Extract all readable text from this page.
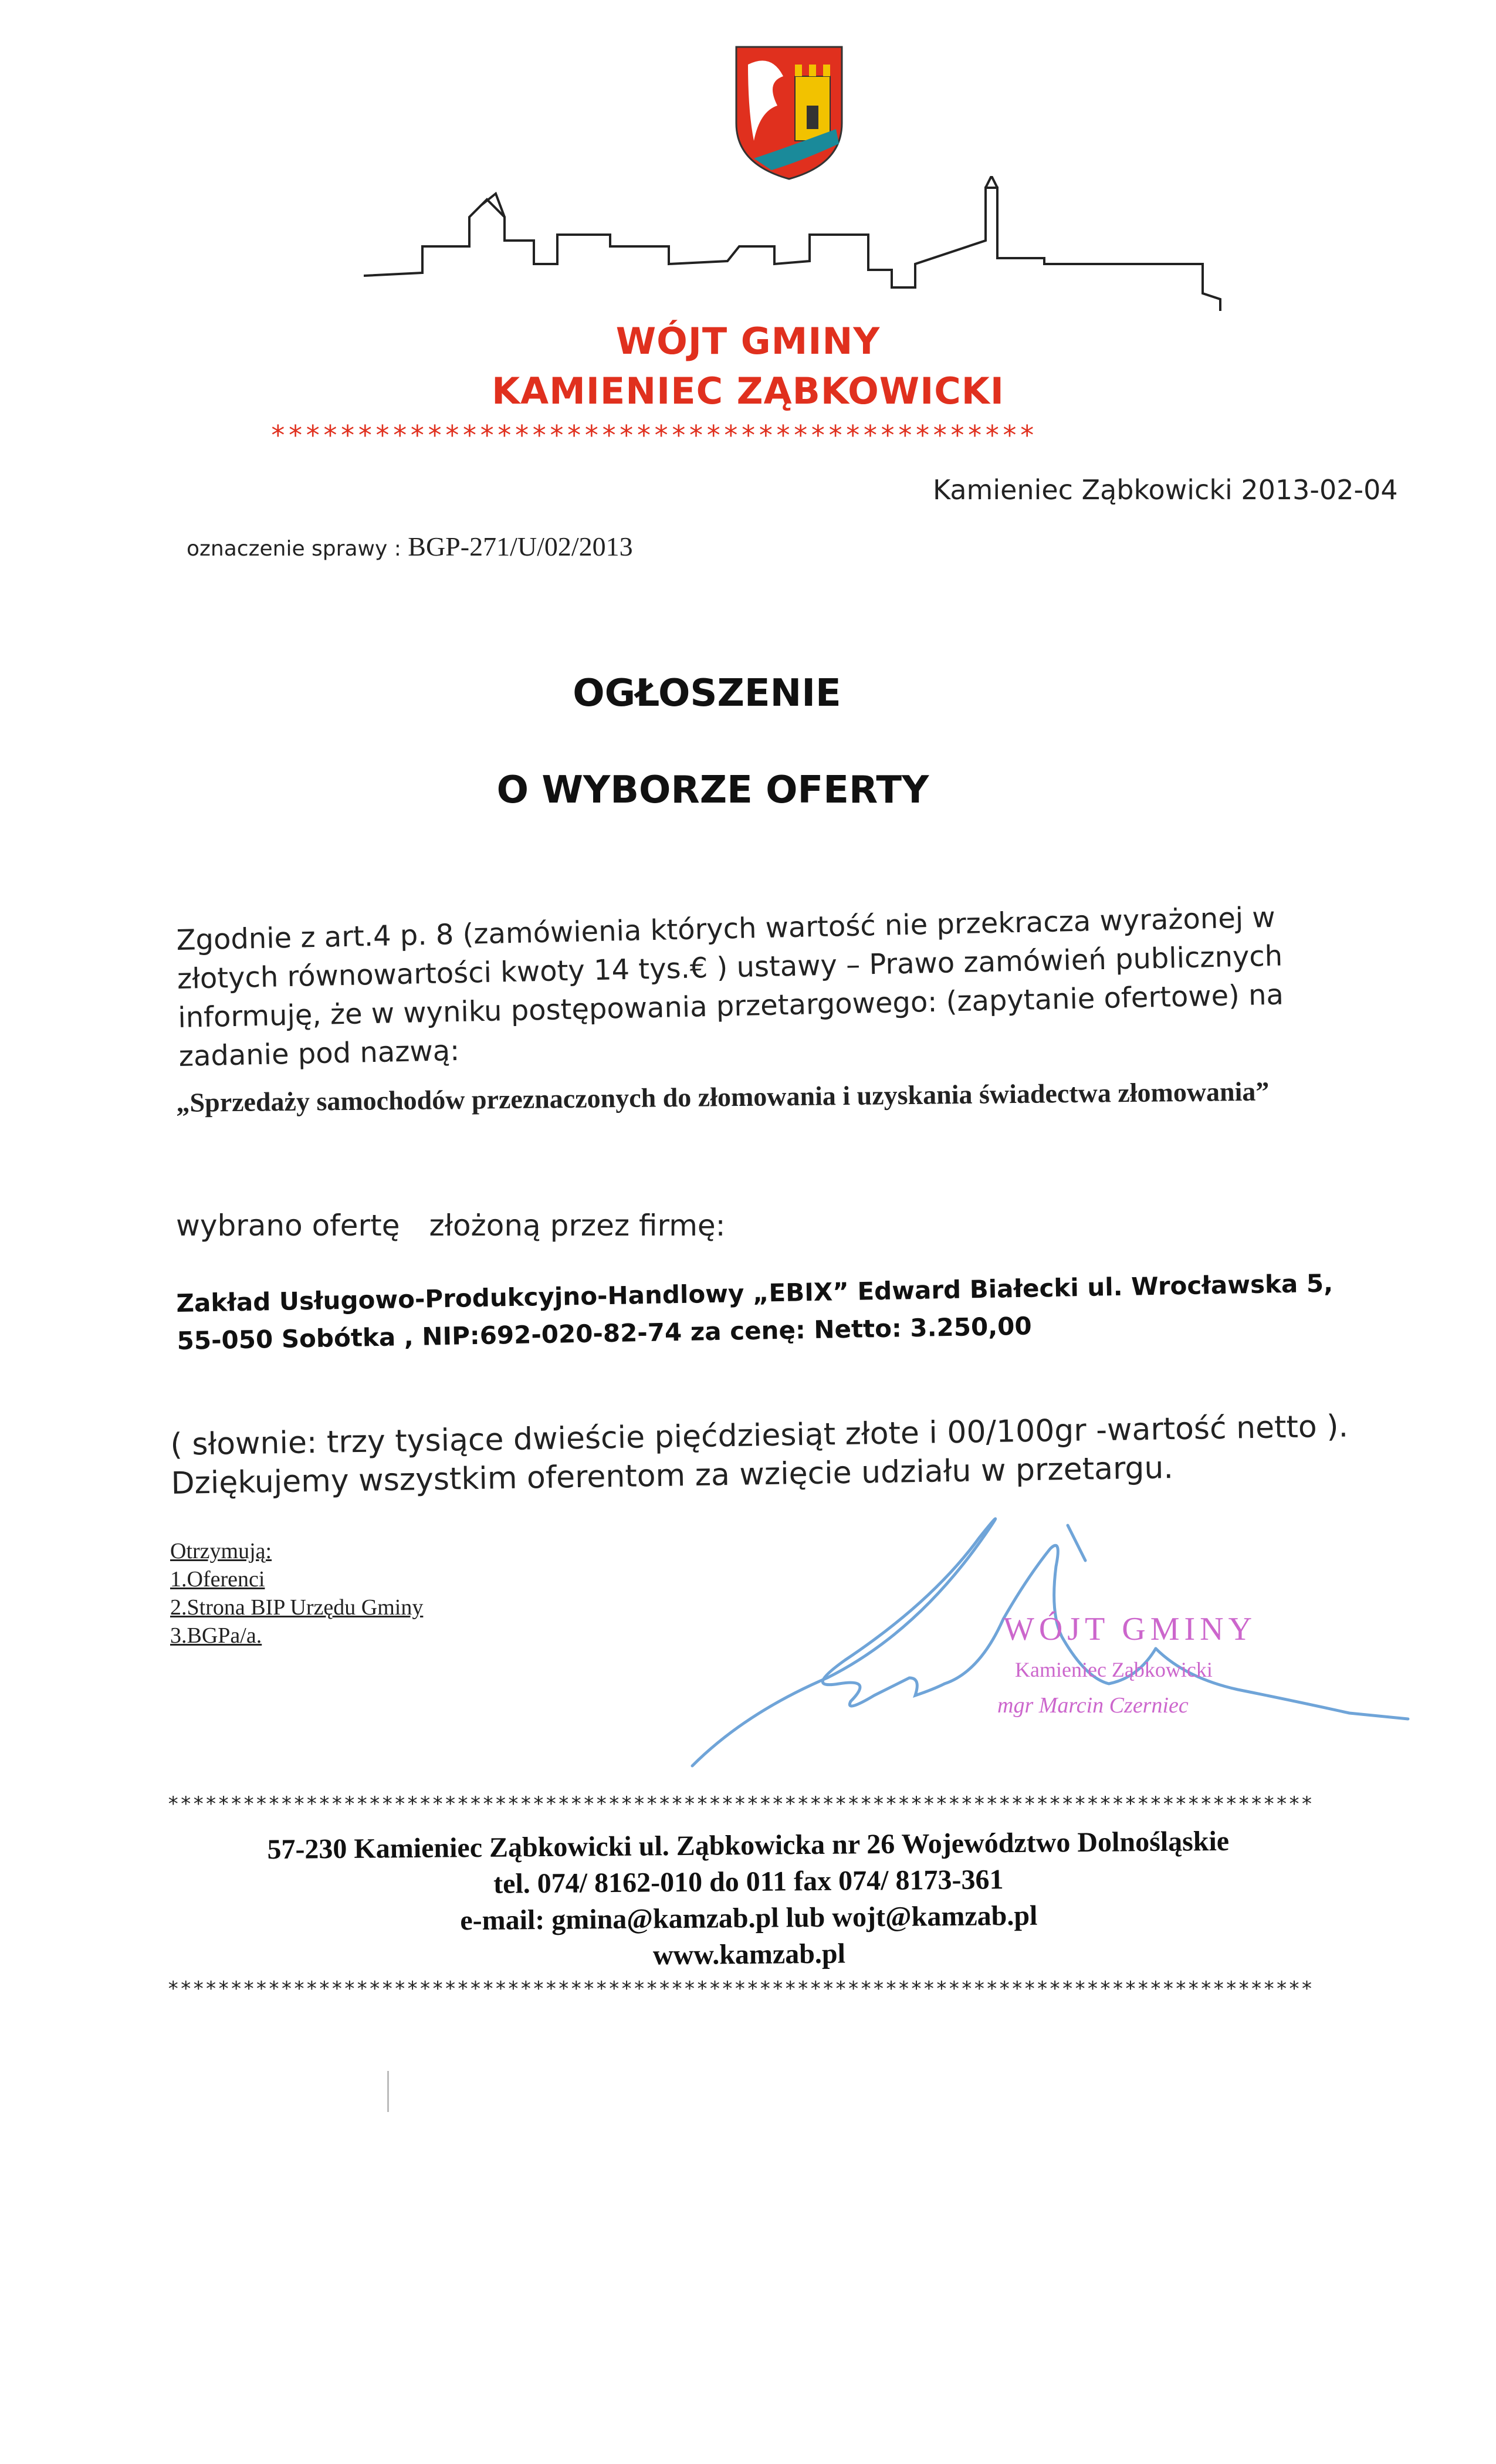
WÓJT GMINY
KAMIENIEC ZĄBKOWICKI
********************************************
Kamieniec Ząbkowicki 2013-02-04
oznaczenie sprawy : BGP-271/U/02/2013
OGŁOSZENIE
O WYBORZE OFERTY
Zgodnie z art.4 p. 8 (zamówienia których wartość nie przekracza wyrażonej w złotych równowartości kwoty 14 tys.€ ) ustawy – Prawo zamówień publicznych informuję, że w wyniku postępowania przetargowego: (zapytanie ofertowe) na zadanie pod nazwą:
„Sprzedaży samochodów przeznaczonych do złomowania i uzyskania świadectwa złomowania”
wybrano ofertę złożoną przez firmę:
Zakład Usługowo-Produkcyjno-Handlowy „EBIX” Edward Białecki ul. Wrocławska 5, 55-050 Sobótka , NIP:692-020-82-74 za cenę: Netto: 3.250,00
( słownie: trzy tysiące dwieście pięćdziesiąt złote i 00/100gr -wartość netto ).
Dziękujemy wszystkim oferentom za wzięcie udziału w przetargu.
Otrzymują:
1.Oferenci
2.Strona BIP Urzędu Gminy
3.BGPa/a.	WÓJT GMINY
Kamieniec Ząbkowicki
mgr Marcin Czerniec
*******************************************************************************************
57-230 Kamieniec Ząbkowicki ul. Ząbkowicka nr 26 Województwo Dolnośląskie
tel. 074/ 8162-010 do 011 fax 074/ 8173-361
e-mail: gmina@kamzab.pl lub wojt@kamzab.pl
www.kamzab.pl
*******************************************************************************************
